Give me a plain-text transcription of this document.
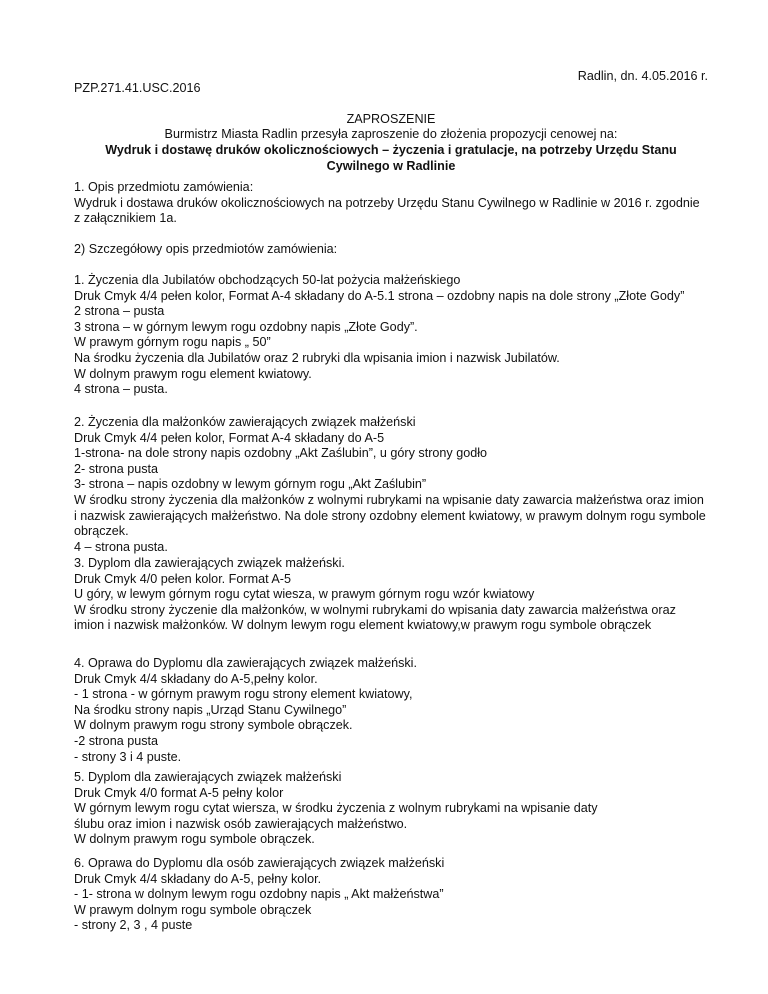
Radlin, dn. 4.05.2016 r.
PZP.271.41.USC.2016
ZAPROSZENIE
Burmistrz Miasta Radlin przesyła zaproszenie do złożenia propozycji cenowej na:
Wydruk i dostawę druków okolicznościowych – życzenia i gratulacje, na potrzeby Urzędu Stanu Cywilnego w Radlinie
1. Opis przedmiotu zamówienia:
Wydruk i dostawa druków okolicznościowych na potrzeby Urzędu Stanu Cywilnego w Radlinie w 2016 r. zgodnie z załącznikiem 1a.
2) Szczegółowy opis przedmiotów zamówienia:
1. Życzenia dla Jubilatów obchodzących 50-lat pożycia małżeńskiego
Druk Cmyk 4/4 pełen kolor, Format A-4 składany do A-5.1 strona – ozdobny napis na dole strony „Złote Gody”
2 strona – pusta
3 strona – w górnym lewym rogu ozdobny napis „Złote Gody”.
W prawym górnym rogu napis „ 50”
Na środku życzenia dla Jubilatów oraz 2 rubryki dla wpisania imion i nazwisk Jubilatów.
W dolnym prawym rogu element kwiatowy.
4 strona – pusta.
2. Życzenia dla małżonków zawierających związek małżeński
Druk Cmyk 4/4 pełen kolor, Format A-4 składany do A-5
1-strona- na dole strony napis ozdobny „Akt Zaślubin”, u góry strony godło
2- strona pusta
3- strona – napis ozdobny w lewym górnym rogu „Akt Zaślubin”
W środku strony życzenia dla małżonków z wolnymi rubrykami na wpisanie daty zawarcia małżeństwa oraz imion i nazwisk zawierających małżeństwo. Na dole strony ozdobny element kwiatowy, w prawym dolnym rogu symbole obrączek.
4 – strona pusta.
3. Dyplom dla zawierających związek małżeński.
Druk Cmyk 4/0 pełen kolor. Format A-5
U góry, w lewym górnym rogu cytat wiesza, w prawym górnym rogu wzór kwiatowy
W środku strony życzenie dla małżonków, w wolnymi rubrykami do wpisania daty zawarcia małżeństwa oraz imion i nazwisk małżonków. W dolnym lewym rogu element kwiatowy,w prawym rogu symbole obrączek
4. Oprawa do Dyplomu dla zawierających związek małżeński.
Druk Cmyk 4/4 składany do A-5,pełny kolor.
- 1 strona - w górnym prawym rogu strony element kwiatowy,
Na środku strony napis „Urząd Stanu Cywilnego”
W dolnym prawym rogu strony symbole obrączek.
-2 strona pusta
- strony 3 i 4 puste.
5. Dyplom dla zawierających związek małżeński
Druk Cmyk 4/0 format A-5 pełny kolor
W górnym lewym rogu cytat wiersza, w środku życzenia z wolnym rubrykami na wpisanie daty
ślubu oraz imion i nazwisk osób zawierających małżeństwo.
W dolnym prawym rogu symbole obrączek.
6. Oprawa do Dyplomu dla osób zawierających związek małżeński
Druk Cmyk 4/4 składany do A-5, pełny kolor.
- 1- strona w dolnym lewym rogu ozdobny napis „ Akt małżeństwa”
W prawym dolnym rogu symbole obrączek
- strony 2, 3 , 4 puste
